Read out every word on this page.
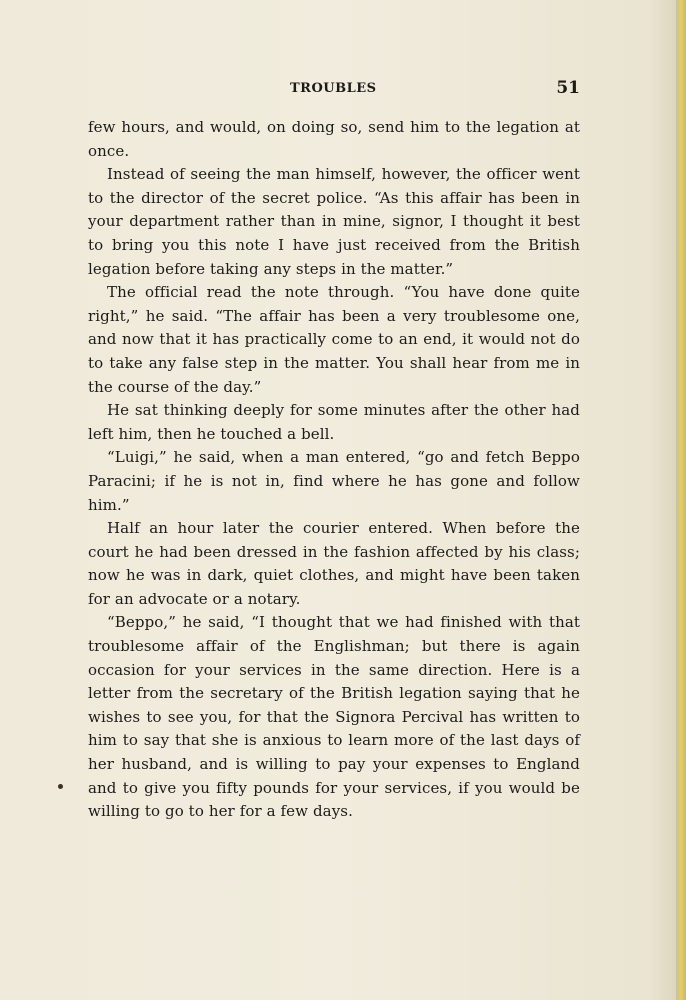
TROUBLES	51

few hours, and would, on doing so, send him to the legation at once.

Instead of seeing the man himself, however, the officer went to the director of the secret police. “As this affair has been in your department rather than in mine, signor, I thought it best to bring you this note I have just received from the British legation before taking any steps in the matter.”

The official read the note through. “You have done quite right,” he said. “The affair has been a very troublesome one, and now that it has practically come to an end, it would not do to take any false step in the matter. You shall hear from me in the course of the day.”

He sat thinking deeply for some minutes after the other had left him, then he touched a bell.

“Luigi,” he said, when a man entered, “go and fetch Beppo Paracini; if he is not in, find where he has gone and follow him.”

Half an hour later the courier entered. When before the court he had been dressed in the fashion affected by his class; now he was in dark, quiet clothes, and might have been taken for an advocate or a notary.

“Beppo,” he said, “I thought that we had finished with that troublesome affair of the Englishman; but there is again occasion for your services in the same direction. Here is a letter from the secretary of the British legation saying that he wishes to see you, for that the Signora Percival has written to him to say that she is anxious to learn more of the last days of her husband, and is willing to pay your expenses to England and to give you fifty pounds for your services, if you would be willing to go to her for a few days.
